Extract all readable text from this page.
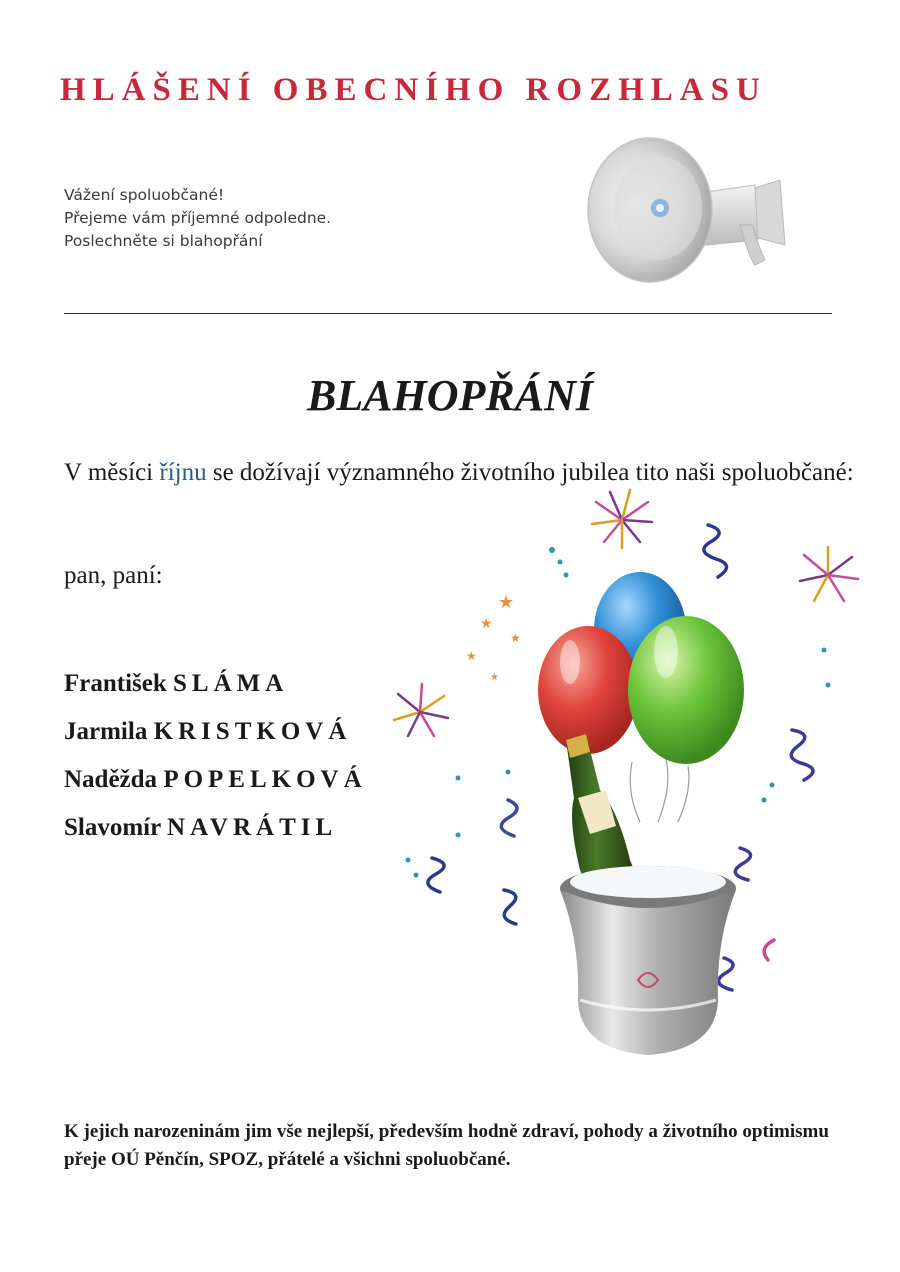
HLÁŠENÍ OBECNÍHO ROZHLASU
Vážení spoluobčané!
Přejeme vám příjemné odpoledne.
Poslechněte si blahopřání
BLAHOPŘÁNÍ
V měsíci říjnu se dožívají významného životního jubilea tito naši spoluobčané:
pan, paní:
★
★
★
★
★
František SLÁMA
Jarmila KRISTKOVÁ
Naděžda POPELKOVÁ
Slavomír NAVRÁTIL
K jejich narozeninám jim vše nejlepší, především hodně zdraví, pohody a životního optimismu přeje OÚ Pěnčín, SPOZ, přátelé a všichni spoluobčané.
